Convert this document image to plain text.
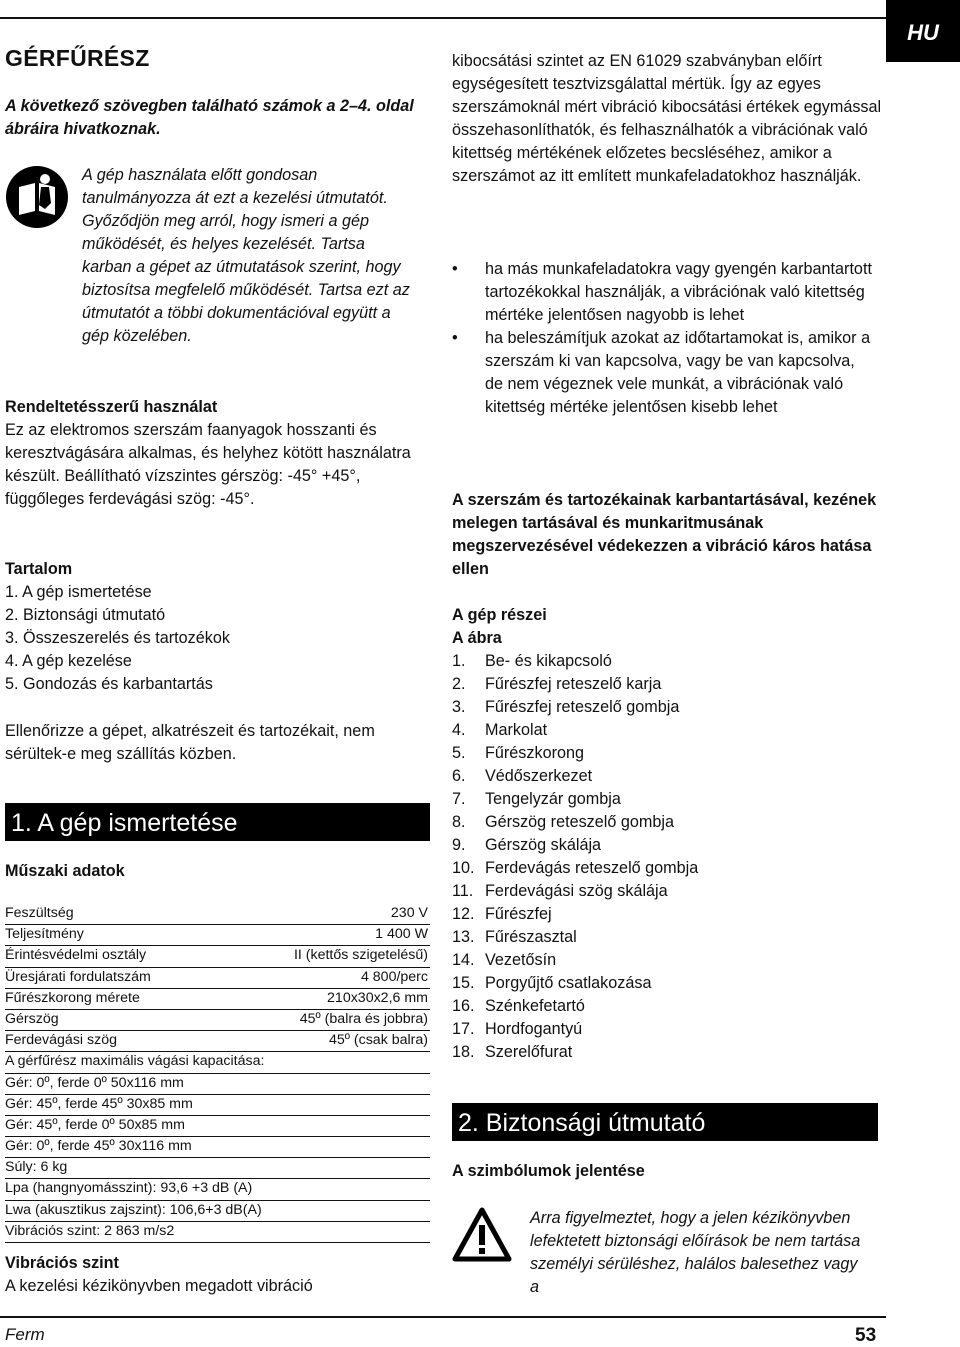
HU
GÉRFŰRÉSZ

A következő szövegben található számok a 2–4. oldal ábráira hivatkoznak.

A gép használata előtt gondosan tanulmányozza át ezt a kezelési útmutatót. Győződjön meg arról, hogy ismeri a gép működését, és helyes kezelését. Tartsa karban a gépet az útmutatások szerint, hogy biztosítsa megfelelő működését. Tartsa ezt az útmutatót a többi dokumentációval együtt a gép közelében.

Rendeltetésszerű használat

Ez az elektromos szerszám faanyagok hosszanti és keresztvágására alkalmas, és helyhez kötött használatra készült. Beállítható vízszintes gérszög: -45° +45°, függőleges ferdevágási szög: -45°.

Tartalom

1. A gép ismertetése
2. Biztonsági útmutató
3. Összeszerelés és tartozékok
4. A gép kezelése
5. Gondozás és karbantartás

Ellenőrizze a gépet, alkatrészeit és tartozékait, nem sérültek-e meg szállítás közben.

1. A gép ismertetése

Műszaki adatok

Feszültség	230 V
Teljesítmény	1 400 W
Érintésvédelmi osztály	II (kettős szigetelésű)
Üresjárati fordulatszám	4 800/perc
Fűrészkorong mérete	210x30x2,6 mm
Gérszög	45º (balra és jobbra)
Ferdevágási szög	45º (csak balra)
A gérfűrész maximális vágási kapacitása:
Gér: 0º, ferde 0º 50x116 mm
Gér: 45º, ferde 45º 30x85 mm
Gér: 45º, ferde 0º 50x85 mm
Gér: 0º, ferde 45º 30x116 mm
Súly: 6 kg
Lpa (hangnyomásszint): 93,6 +3 dB (A)
Lwa (akusztikus zajszint): 106,6+3 dB(A)
Vibrációs szint: 2 863 m/s2

Vibrációs szint

A kezelési kézikönyvben megadott vibráció

kibocsátási szintet az EN 61029 szabványban előírt egységesített tesztvizsgálattal mértük. Így az egyes szerszámoknál mért vibráció kibocsátási értékek egymással összehasonlíthatók, és felhasználhatók a vibrációnak való kitettség mértékének előzetes becsléséhez, amikor a szerszámot az itt említett munkafeladatokhoz használják.

• ha más munkafeladatokra vagy gyengén karbantartott tartozékokkal használják, a vibrációnak való kitettség mértéke jelentősen nagyobb is lehet
• ha beleszámítjuk azokat az időtartamokat is, amikor a szerszám ki van kapcsolva, vagy be van kapcsolva, de nem végeznek vele munkát, a vibrációnak való kitettség mértéke jelentősen kisebb lehet

A szerszám és tartozékainak karbantartásával, kezének melegen tartásával és munkaritmusának megszervezésével védekezzen a vibráció káros hatása ellen

A gép részei

A ábra

1. Be- és kikapcsoló
2. Fűrészfej reteszelő karja
3. Fűrészfej reteszelő gombja
4. Markolat
5. Fűrészkorong
6. Védőszerkezet
7. Tengelyzár gombja
8. Gérszög reteszelő gombja
9. Gérszög skálája
10. Ferdevágás reteszelő gombja
11. Ferdevágási szög skálája
12. Fűrészfej
13. Fűrészasztal
14. Vezetősín
15. Porgyűjtő csatlakozása
16. Szénkefetartó
17. Hordfogantyú
18. Szerelőfurat
2. Biztonsági útmutató

A szimbólumok jelentése

Arra figyelmeztet, hogy a jelen kézikönyvben lefektetett biztonsági előírások be nem tartása személyi sérüléshez, halálos balesethez vagy a

Ferm	53
